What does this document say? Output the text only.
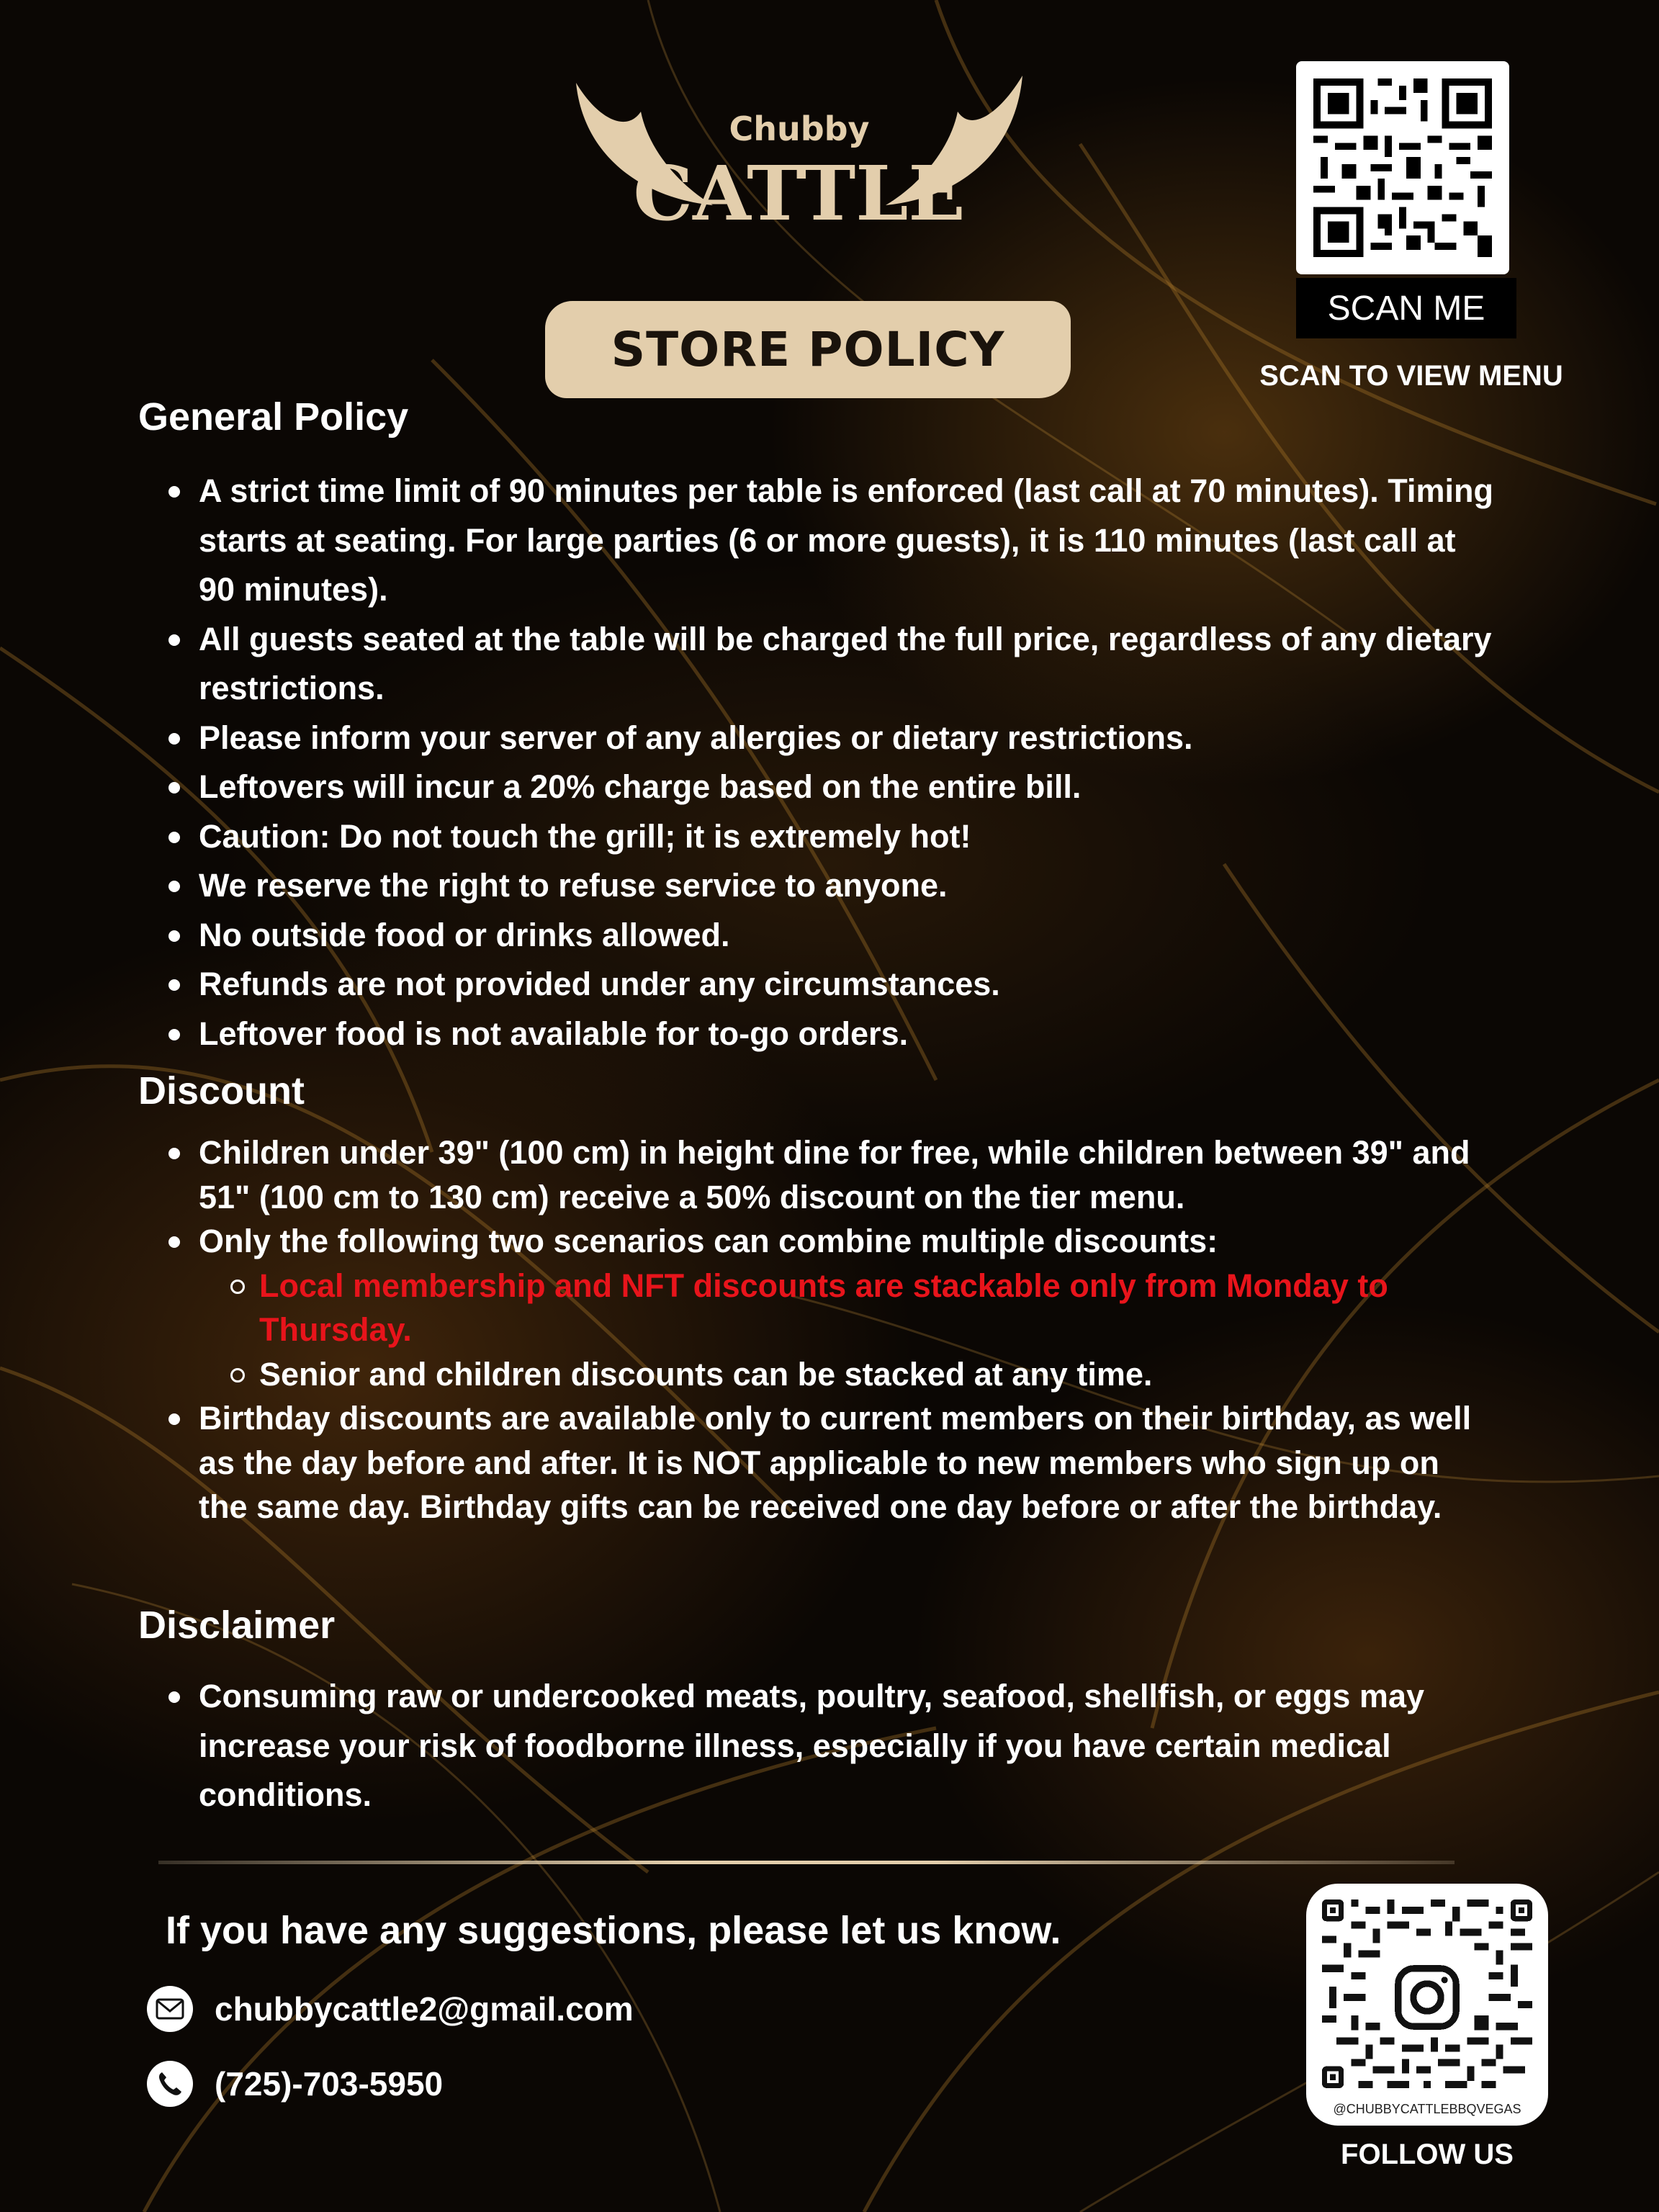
Chubby
CATTLE
STORE POLICY
SCAN ME
SCAN TO VIEW MENU
General Policy
A strict time limit of 90 minutes per table is enforced (last call at 70 minutes). Timing starts at seating. For large parties (6 or more guests), it is 110 minutes (last call at 90 minutes).
All guests seated at the table will be charged the full price, regardless of any dietary restrictions.
Please inform your server of any allergies or dietary restrictions.
Leftovers will incur a 20% charge based on the entire bill.
Caution: Do not touch the grill; it is extremely hot!
We reserve the right to refuse service to anyone.
No outside food or drinks allowed.
Refunds are not provided under any circumstances.
Leftover food is not available for to-go orders.
Discount
Children under 39" (100 cm) in height dine for free, while children between 39" and 51" (100 cm to 130 cm) receive a 50% discount on the tier menu.
Only the following two scenarios can combine multiple discounts:
Local membership and NFT discounts are stackable only from Monday to Thursday.
Senior and children discounts can be stacked at any time.
Birthday discounts are available only to current members on their birthday, as well as the day before and after. It is NOT applicable to new members who sign up on the same day. Birthday gifts can be received one day before or after the birthday.
Disclaimer
Consuming raw or undercooked meats, poultry, seafood, shellfish, or eggs may increase your risk of foodborne illness, especially if you have certain medical conditions.
If you have any suggestions, please let us know.
chubbycattle2@gmail.com
(725)-703-5950
@CHUBBYCATTLEBBQVEGAS
FOLLOW US
